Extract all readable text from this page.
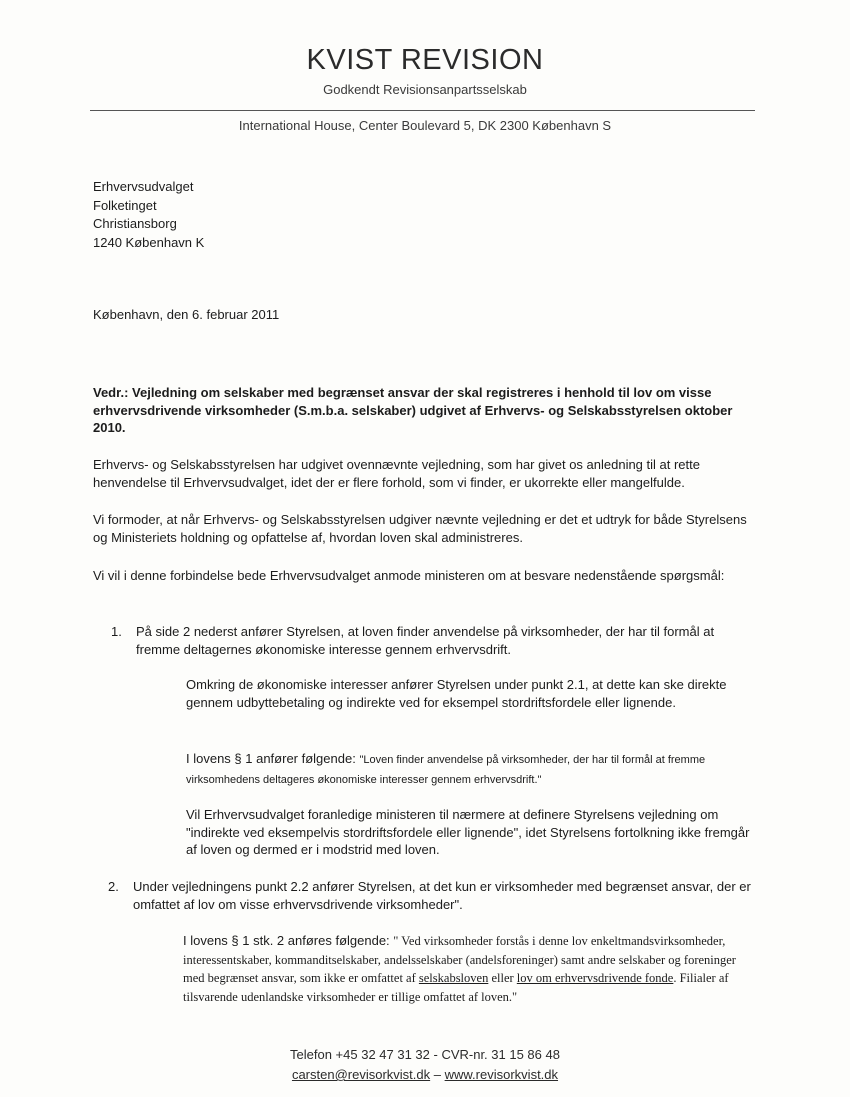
KVIST REVISION
Godkendt Revisionsanpartsselskab
International House, Center Boulevard 5, DK 2300 København S
Erhvervsudvalget
Folketinget
Christiansborg
1240 København K
København, den 6. februar 2011
Vedr.: Vejledning om selskaber med begrænset ansvar der skal registreres i henhold til lov om visse erhvervsdrivende virksomheder (S.m.b.a. selskaber) udgivet af Erhvervs- og Selskabsstyrelsen oktober 2010.
Erhvervs- og Selskabsstyrelsen har udgivet ovennævnte vejledning, som har givet os anledning til at rette henvendelse til Erhvervsudvalget, idet der er flere forhold, som vi finder, er ukorrekte eller mangelfulde.
Vi formoder, at når Erhvervs- og Selskabsstyrelsen udgiver nævnte vejledning er det et udtryk for både Styrelsens og Ministeriets holdning og opfattelse af, hvordan loven skal administreres.
Vi vil i denne forbindelse bede Erhvervsudvalget anmode ministeren om at besvare nedenstående spørgsmål:
1. På side 2 nederst anfører Styrelsen, at loven finder anvendelse på virksomheder, der har til formål at fremme deltagernes økonomiske interesse gennem erhvervsdrift.
Omkring de økonomiske interesser anfører Styrelsen under punkt 2.1, at dette kan ske direkte gennem udbyttebetaling og indirekte ved for eksempel stordriftsfordele eller lignende.
I lovens § 1 anfører følgende: "Loven finder anvendelse på virksomheder, der har til formål at fremme virksomhedens deltageres økonomiske interesser gennem erhvervsdrift."
Vil Erhvervsudvalget foranledige ministeren til nærmere at definere Styrelsens vejledning om "indirekte ved eksempelvis stordriftsfordele eller lignende", idet Styrelsens fortolkning ikke fremgår af loven og dermed er i modstrid med loven.
2. Under vejledningens punkt 2.2 anfører Styrelsen, at det kun er virksomheder med begrænset ansvar, der er omfattet af lov om visse erhvervsdrivende virksomheder".
I lovens § 1 stk. 2 anføres følgende: " Ved virksomheder forstås i denne lov enkeltmandsvirksomheder, interessentskaber, kommanditselskaber, andelsselskaber (andelsforeninger) samt andre selskaber og foreninger med begrænset ansvar, som ikke er omfattet af selskabsloven eller lov om erhvervsdrivende fonde. Filialer af tilsvarende udenlandske virksomheder er tillige omfattet af loven."
Telefon +45 32 47 31 32 - CVR-nr. 31 15 86 48
carsten@revisorkvist.dk – www.revisorkvist.dk
